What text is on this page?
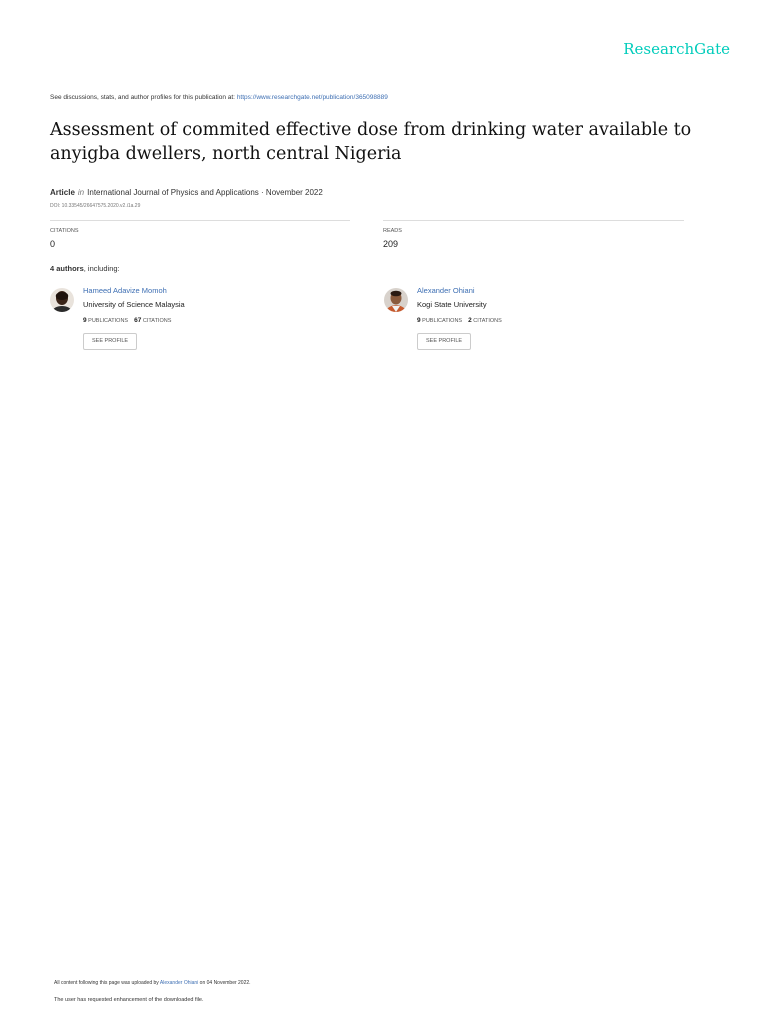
ResearchGate
See discussions, stats, and author profiles for this publication at: https://www.researchgate.net/publication/365098889
Assessment of commited effective dose from drinking water available to anyigba dwellers, north central Nigeria
Article in International Journal of Physics and Applications · November 2022
DOI: 10.33545/26647575.2020.v2.i1a.29
CITATIONS
0
READS
209
4 authors, including:
Hameed Adavize Momoh
University of Science Malaysia
9 PUBLICATIONS 67 CITATIONS
SEE PROFILE
Alexander Ohiani
Kogi State University
9 PUBLICATIONS 2 CITATIONS
SEE PROFILE
All content following this page was uploaded by Alexander Ohiani on 04 November 2022.
The user has requested enhancement of the downloaded file.
